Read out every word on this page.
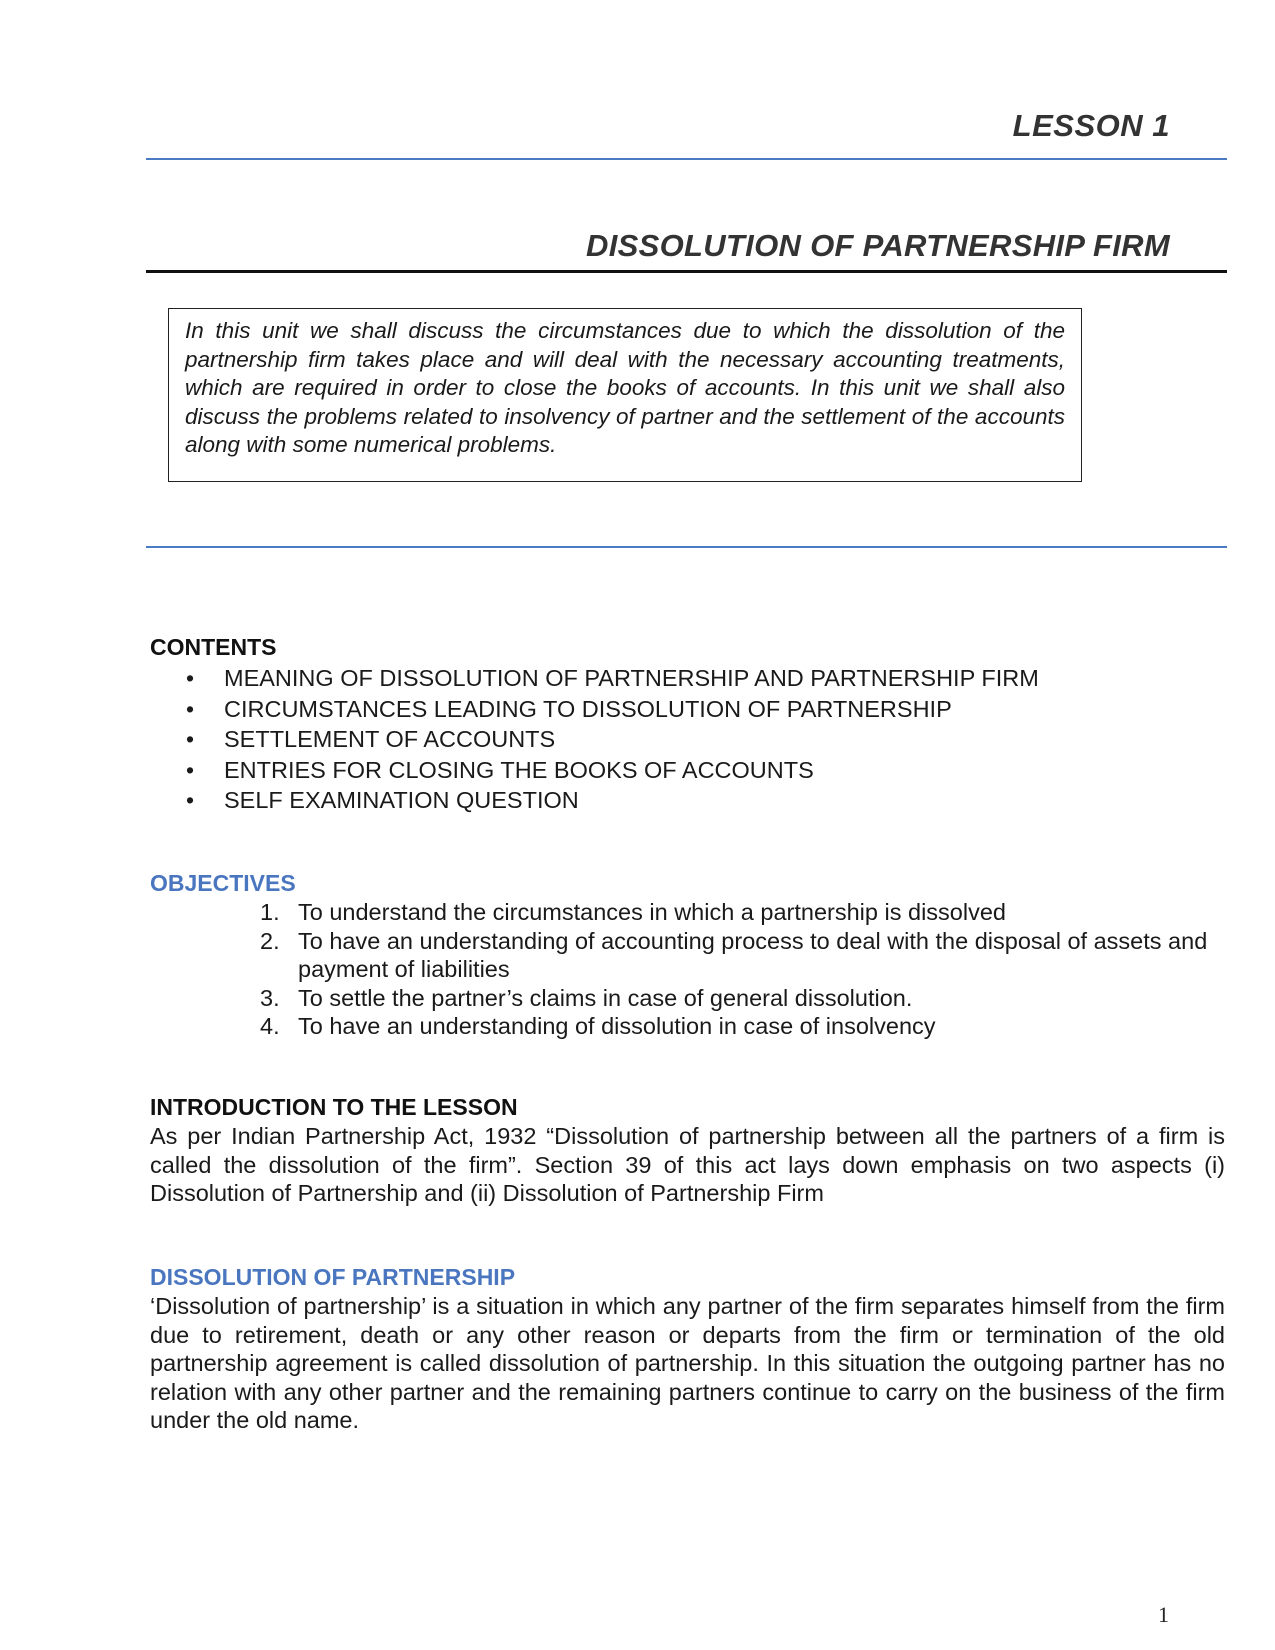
LESSON 1
DISSOLUTION OF PARTNERSHIP FIRM

In this unit we shall discuss the circumstances due to which the dissolution of the partnership firm takes place and will deal with the necessary accounting treatments, which are required in order to close the books of accounts. In this unit we shall also discuss the problems related to insolvency of partner and the settlement of the accounts along with some numerical problems.

CONTENTS
• MEANING OF DISSOLUTION OF PARTNERSHIP AND PARTNERSHIP FIRM
• CIRCUMSTANCES LEADING TO DISSOLUTION OF PARTNERSHIP
• SETTLEMENT OF ACCOUNTS
• ENTRIES FOR CLOSING THE BOOKS OF ACCOUNTS
• SELF EXAMINATION QUESTION
OBJECTIVES
1. To understand the circumstances in which a partnership is dissolved
2. To have an understanding of accounting process to deal with the disposal of assets and payment of liabilities
3. To settle the partner’s claims in case of general dissolution.
4. To have an understanding of dissolution in case of insolvency
INTRODUCTION TO THE LESSON

As per Indian Partnership Act, 1932 “Dissolution of partnership between all the partners of a firm is called the dissolution of the firm”. Section 39 of this act lays down emphasis on two aspects (i) Dissolution of Partnership and (ii) Dissolution of Partnership Firm

DISSOLUTION OF PARTNERSHIP

‘Dissolution of partnership’ is a situation in which any partner of the firm separates himself from the firm due to retirement, death or any other reason or departs from the firm or termination of the old partnership agreement is called dissolution of partnership. In this situation the outgoing partner has no relation with any other partner and the remaining partners continue to carry on the business of the firm under the old name.

1
